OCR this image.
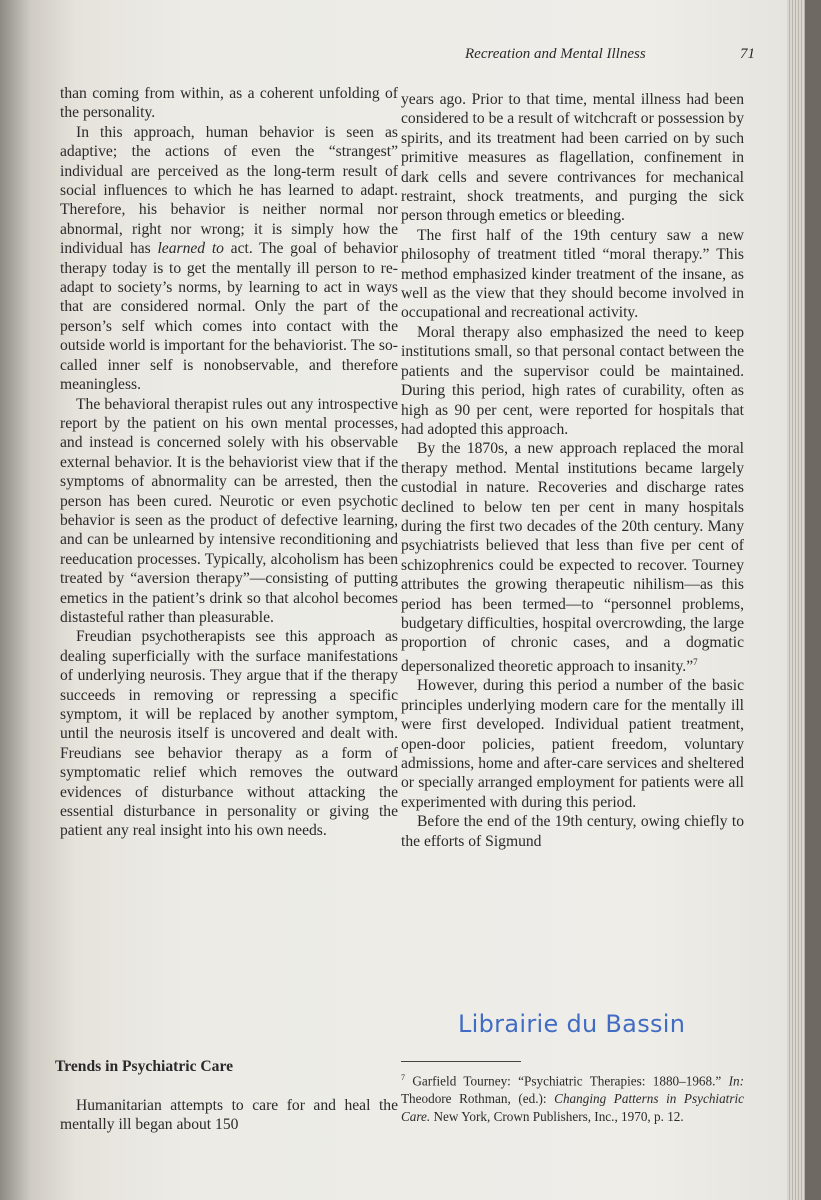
Recreation and Mental Illness	71

than coming from within, as a coherent unfolding of the personality.

In this approach, human behavior is seen as adaptive; the actions of even the “strangest” individual are perceived as the long-term result of social influences to which he has learned to adapt. Therefore, his behavior is neither normal nor abnormal, right nor wrong; it is simply how the individual has learned to act. The goal of behavior therapy today is to get the mentally ill person to re-adapt to society’s norms, by learning to act in ways that are considered normal. Only the part of the person’s self which comes into contact with the outside world is important for the behaviorist. The so-called inner self is nonobservable, and therefore meaningless.

The behavioral therapist rules out any introspective report by the patient on his own mental processes, and instead is concerned solely with his observable external behavior. It is the behaviorist view that if the symptoms of abnormality can be arrested, then the person has been cured. Neurotic or even psychotic behavior is seen as the product of defective learning, and can be unlearned by intensive reconditioning and reeducation processes. Typically, alcoholism has been treated by “aversion therapy”—consisting of putting emetics in the patient’s drink so that alcohol becomes distasteful rather than pleasurable.

Freudian psychotherapists see this approach as dealing superficially with the surface manifestations of underlying neurosis. They argue that if the therapy succeeds in removing or repressing a specific symptom, it will be replaced by another symptom, until the neurosis itself is uncovered and dealt with. Freudians see behavior therapy as a form of symptomatic relief which removes the outward evidences of disturbance without attacking the essential disturbance in personality or giving the patient any real insight into his own needs.

Trends in Psychiatric Care

Humanitarian attempts to care for and heal the mentally ill began about 150

years ago. Prior to that time, mental illness had been considered to be a result of witchcraft or possession by spirits, and its treatment had been carried on by such primitive measures as flagellation, confinement in dark cells and severe contrivances for mechanical restraint, shock treatments, and purging the sick person through emetics or bleeding.

The first half of the 19th century saw a new philosophy of treatment titled “moral therapy.” This method emphasized kinder treatment of the insane, as well as the view that they should become involved in occupational and recreational activity.

Moral therapy also emphasized the need to keep institutions small, so that personal contact between the patients and the supervisor could be maintained. During this period, high rates of curability, often as high as 90 per cent, were reported for hospitals that had adopted this approach.

By the 1870s, a new approach replaced the moral therapy method. Mental institutions became largely custodial in nature. Recoveries and discharge rates declined to below ten per cent in many hospitals during the first two decades of the 20th century. Many psychiatrists believed that less than five per cent of schizophrenics could be expected to recover. Tourney attributes the growing therapeutic nihilism—as this period has been termed—to “personnel problems, budgetary difficulties, hospital overcrowding, the large proportion of chronic cases, and a dogmatic depersonalized theoretic approach to insanity.”$^7$

However, during this period a number of the basic principles underlying modern care for the mentally ill were first developed. Individual patient treatment, open-door policies, patient freedom, voluntary admissions, home and after-care services and sheltered or specially arranged employment for patients were all experimented with during this period.

Before the end of the 19th century, owing chiefly to the efforts of Sigmund

$^7$ Garfield Tourney: “Psychiatric Therapies: 1880–1968.” In: Theodore Rothman, (ed.): Changing Patterns in Psychiatric Care. New York, Crown Publishers, Inc., 1970, p. 12.
Librairie du Bassin
